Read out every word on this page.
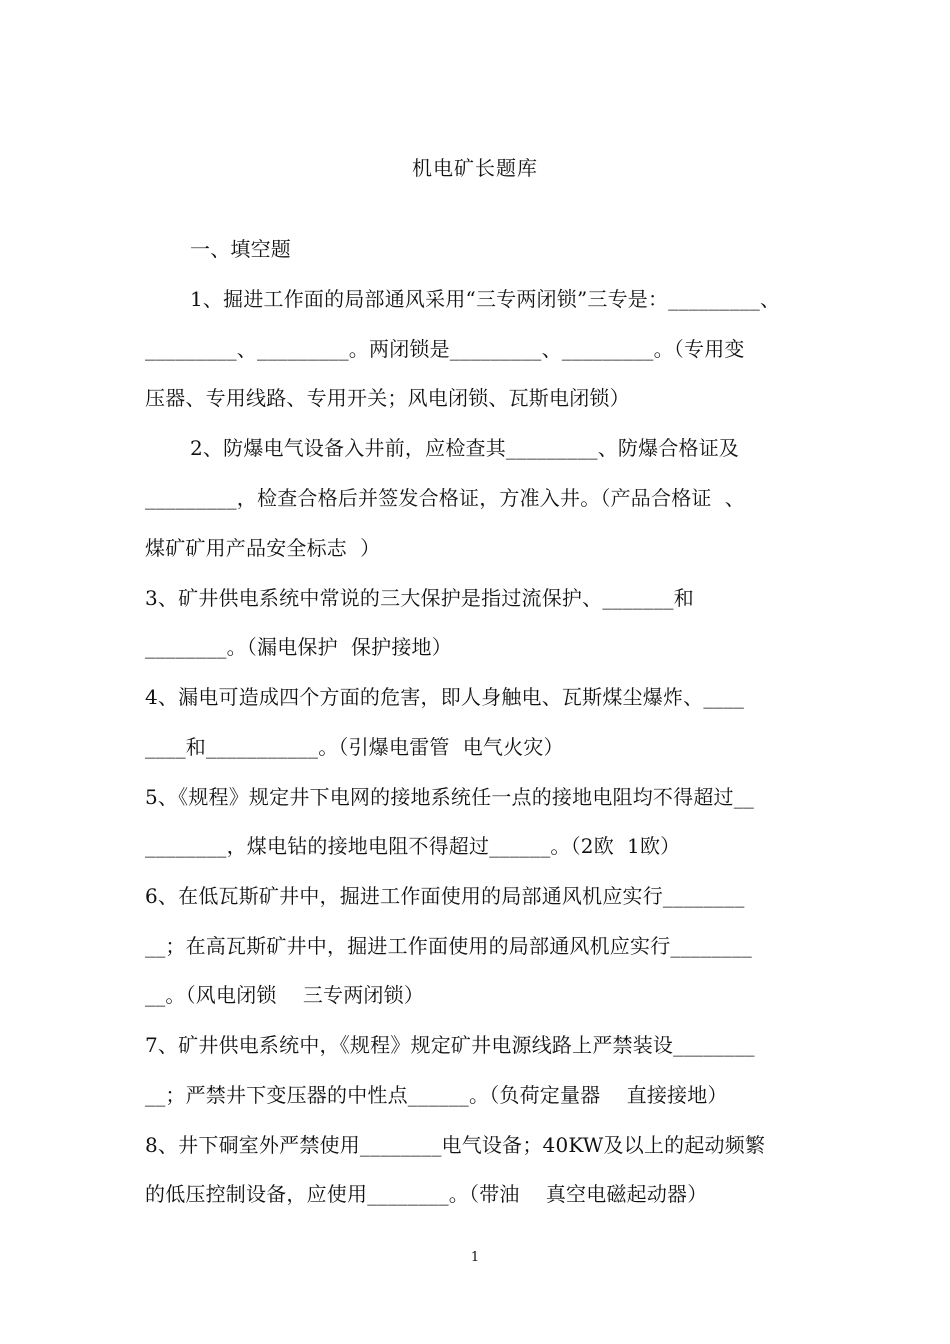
机电矿长题库
一、填空题
1、掘进工作面的局部通风采用“三专两闭锁”三专是：_________、
_________、_________。两闭锁是_________、_________。（专用变
压器、专用线路、专用开关；风电闭锁、瓦斯电闭锁）
2、防爆电气设备入井前，应检查其_________、防爆合格证及
_________，检查合格后并签发合格证，方准入井。（产品合格证  、
煤矿矿用产品安全标志  ）
3、矿井供电系统中常说的三大保护是指过流保护、_______和
________。（漏电保护  保护接地）
4、漏电可造成四个方面的危害，即人身触电、瓦斯煤尘爆炸、____
____和___________。（引爆电雷管  电气火灾）
5、《规程》规定井下电网的接地系统任一点的接地电阻均不得超过__
________，煤电钻的接地电阻不得超过______。（2欧  1欧）
6、在低瓦斯矿井中，掘进工作面使用的局部通风机应实行________
__；在高瓦斯矿井中，掘进工作面使用的局部通风机应实行________
__。（风电闭锁    三专两闭锁）
7、矿井供电系统中，《规程》规定矿井电源线路上严禁装设________
__；严禁井下变压器的中性点______。（负荷定量器    直接接地）
8、井下硐室外严禁使用________电气设备；40KW及以上的起动频繁
的低压控制设备，应使用________。（带油    真空电磁起动器）
1
